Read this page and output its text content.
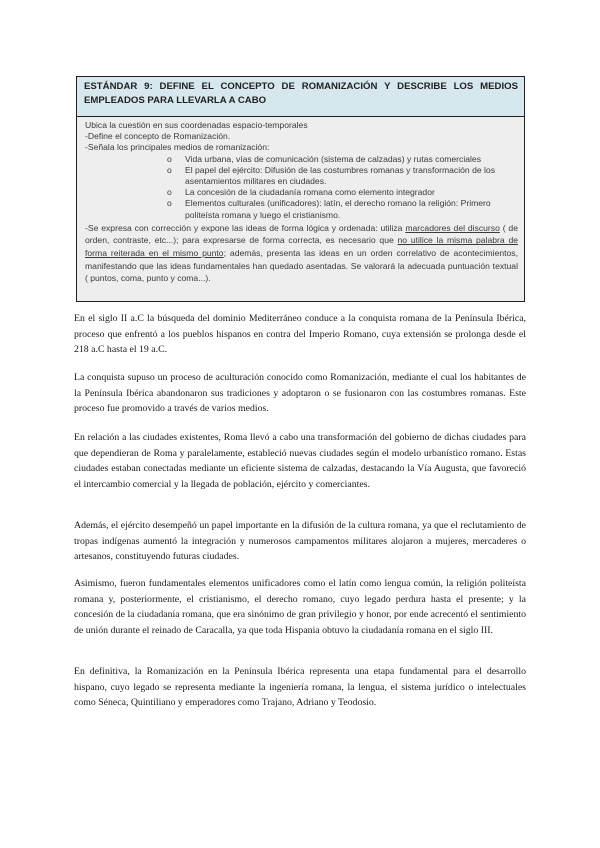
ESTÁNDAR 9: DEFINE EL CONCEPTO DE ROMANIZACIÓN Y DESCRIBE LOS MEDIOS EMPLEADOS PARA LLEVARLA A CABO
Ubica la cuestión en sus coordenadas espacio-temporales
-Define el concepto de Romanización.
-Señala los principales medios de romanización:
o Vida urbana, vías de comunicación (sistema de calzadas) y rutas comerciales
o El papel del ejército: Difusión de las costumbres romanas y transformación de los asentamientos militares en ciudades.
o La concesión de la ciudadanía romana como elemento integrador
o Elementos culturales (unificadores): latín, el derecho romano la religión: Primero politeísta romana y luego el cristianismo.
-Se expresa con corrección y expone las ideas de forma lógica y ordenada: utiliza marcadores del discurso ( de orden, contraste, etc...); para expresarse de forma correcta, es necesario que no utilice la misma palabra de forma reiterada en el mismo punto; además, presenta las ideas en un orden correlativo de acontecimientos, manifestando que las ideas fundamentales han quedado asentadas. Se valorará la adecuada puntuación textual ( puntos, coma, punto y coma...).

En el siglo II a.C la búsqueda del dominio Mediterráneo conduce a la conquista romana de la Península Ibérica, proceso que enfrentó a los pueblos hispanos en contra del Imperio Romano, cuya extensión se prolonga desde el 218 a.C hasta el 19 a.C.

La conquista supuso un proceso de aculturación conocido como Romanización, mediante el cual los habitantes de la Península Ibérica abandonaron sus tradiciones y adoptaron o se fusionaron con las costumbres romanas. Este proceso fue promovido a través de varios medios.

En relación a las ciudades existentes, Roma llevó a cabo una transformación del gobierno de dichas ciudades para que dependieran de Roma y paralelamente, estableció nuevas ciudades según el modelo urbanístico romano. Estas ciudades estaban conectadas mediante un eficiente sistema de calzadas, destacando la Vía Augusta, que favoreció el intercambio comercial y la llegada de población, ejército y comerciantes.

Además, el ejército desempeñó un papel importante en la difusión de la cultura romana, ya que el reclutamiento de tropas indígenas aumentó la integración y numerosos campamentos militares alojaron a mujeres, mercaderes o artesanos, constituyendo futuras ciudades.

Asimismo, fueron fundamentales elementos unificadores como el latín como lengua común, la religión politeísta romana y, posteriormente, el cristianismo, el derecho romano, cuyo legado perdura hasta el presente; y la concesión de la ciudadanía romana, que era sinónimo de gran privilegio y honor, por ende acrecentó el sentimiento de unión durante el reinado de Caracalla, ya que toda Hispania obtuvo la ciudadanía romana en el siglo III.

En definitiva, la Romanización en la Península Ibérica representa una etapa fundamental para el desarrollo hispano, cuyo legado se representa mediante la ingeniería romana, la lengua, el sistema jurídico o intelectuales como Séneca, Quintiliano y emperadores como Trajano, Adriano y Teodosio.
